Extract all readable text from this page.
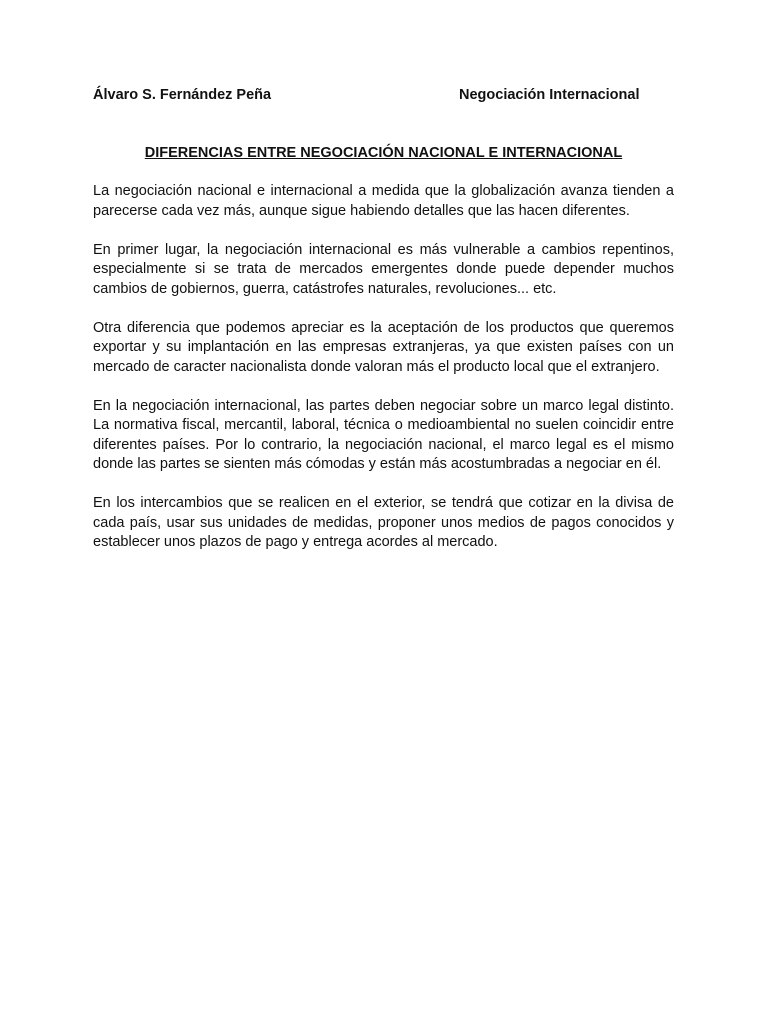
Álvaro S. Fernández Peña	Negociación Internacional
DIFERENCIAS ENTRE NEGOCIACIÓN NACIONAL E INTERNACIONAL

La negociación nacional e internacional a medida que la globalización avanza tienden a parecerse cada vez más, aunque sigue habiendo detalles que las hacen diferentes.

En primer lugar, la negociación internacional es más vulnerable a cambios repentinos, especialmente si se trata de mercados emergentes donde puede depender muchos cambios de gobiernos, guerra, catástrofes naturales, revoluciones... etc.

Otra diferencia que podemos apreciar es la aceptación de los productos que queremos exportar y su implantación en las empresas extranjeras, ya que existen países con un mercado de caracter nacionalista donde valoran más el producto local que el extranjero.

En la negociación internacional, las partes deben negociar sobre un marco legal distinto. La normativa fiscal, mercantil, laboral, técnica o medioambiental no suelen coincidir entre diferentes países. Por lo contrario, la negociación nacional, el marco legal es el mismo donde las partes se sienten más cómodas y están más acostumbradas a negociar en él.

En los intercambios que se realicen en el exterior, se tendrá que cotizar en la divisa de cada país, usar sus unidades de medidas, proponer unos medios de pagos conocidos y establecer unos plazos de pago y entrega acordes al mercado.
